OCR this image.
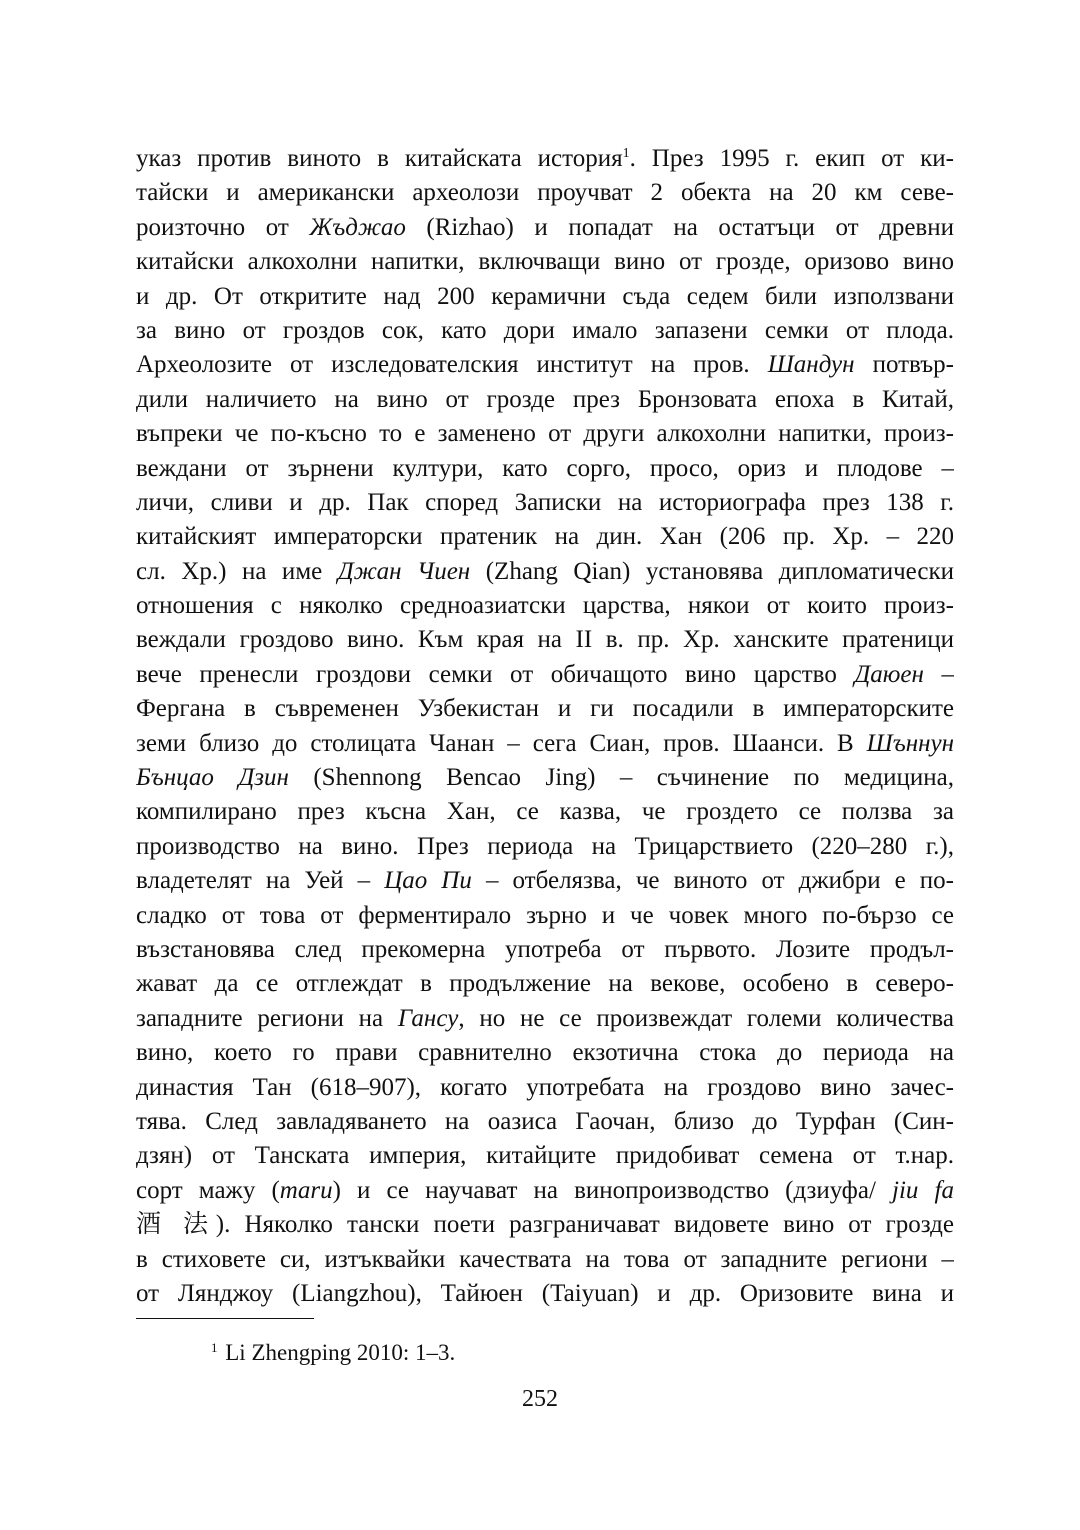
указ против виното в китайската история$^1$. През 1995 г. екип от ки-
тайски и американски археолози проучват 2 обекта на 20 км севе-
роизточно от Жъджао (Rizhao) и попадат на остатъци от древни
китайски алкохолни напитки, включващи вино от грозде, оризово вино
и др. От откритите над 200 керамични съда седем били използвани
за вино от гроздов сок, като дори имало запазени семки от плода.
Археолозите от изследователския институт на пров. Шандун потвър-
дили наличието на вино от грозде през Бронзовата епоха в Китай,
въпреки че по-късно то е заменено от други алкохолни напитки, произ-
веждани от зърнени култури, като сорго, просо, ориз и плодове –
личи, сливи и др. Пак според Записки на историографа през 138 г.
китайският императорски пратеник на дин. Хан (206 пр. Хр. – 220
сл. Хр.) на име Джан Чиен (Zhang Qian) установява дипломатически
отношения с няколко средноазиатски царства, някои от които произ-
веждали гроздово вино. Към края на II в. пр. Хр. ханските пратеници
вече пренесли гроздови семки от обичащото вино царство Даюен –
Фергана в съвременен Узбекистан и ги посадили в императорските
земи близо до столицата Чанан – сега Сиан, пров. Шаанси. В Шъннун
Бънцао Дзин (Shennong Bencao Jing) – съчинение по медицина,
компилирано през късна Хан, се казва, че гроздето се ползва за
производство на вино. През периода на Трицарствието (220–280 г.),
владетелят на Уей – Цао Пи – отбелязва, че виното от джибри е по-
сладко от това от ферментирало зърно и че човек много по-бързо се
възстановява след прекомерна употреба от първото. Лозите продъл-
жават да се отглеждат в продължение на векове, особено в северо-
западните региони на Гансу, но не се произвеждат големи количества
вино, което го прави сравнително екзотична стока до периода на
династия Тан (618–907), когато употребата на гроздово вино зачес-
тява. След завладяването на оазиса Гаочан, близо до Турфан (Син-
дзян) от Танската империя, китайците придобиват семена от т.нар.
сорт мажу (maru) и се научават на винопроизводство (дзиуфа/ jiu fa
酒 法). Няколко тански поети разграничават видовете вино от грозде
в стиховете си, изтъквайки качествата на това от западните региони –
от Лянджоу (Liangzhou), Тайюен (Taiyuan) и др. Оризовите вина и
$^1$ Li Zhengping 2010: 1–3.
252
